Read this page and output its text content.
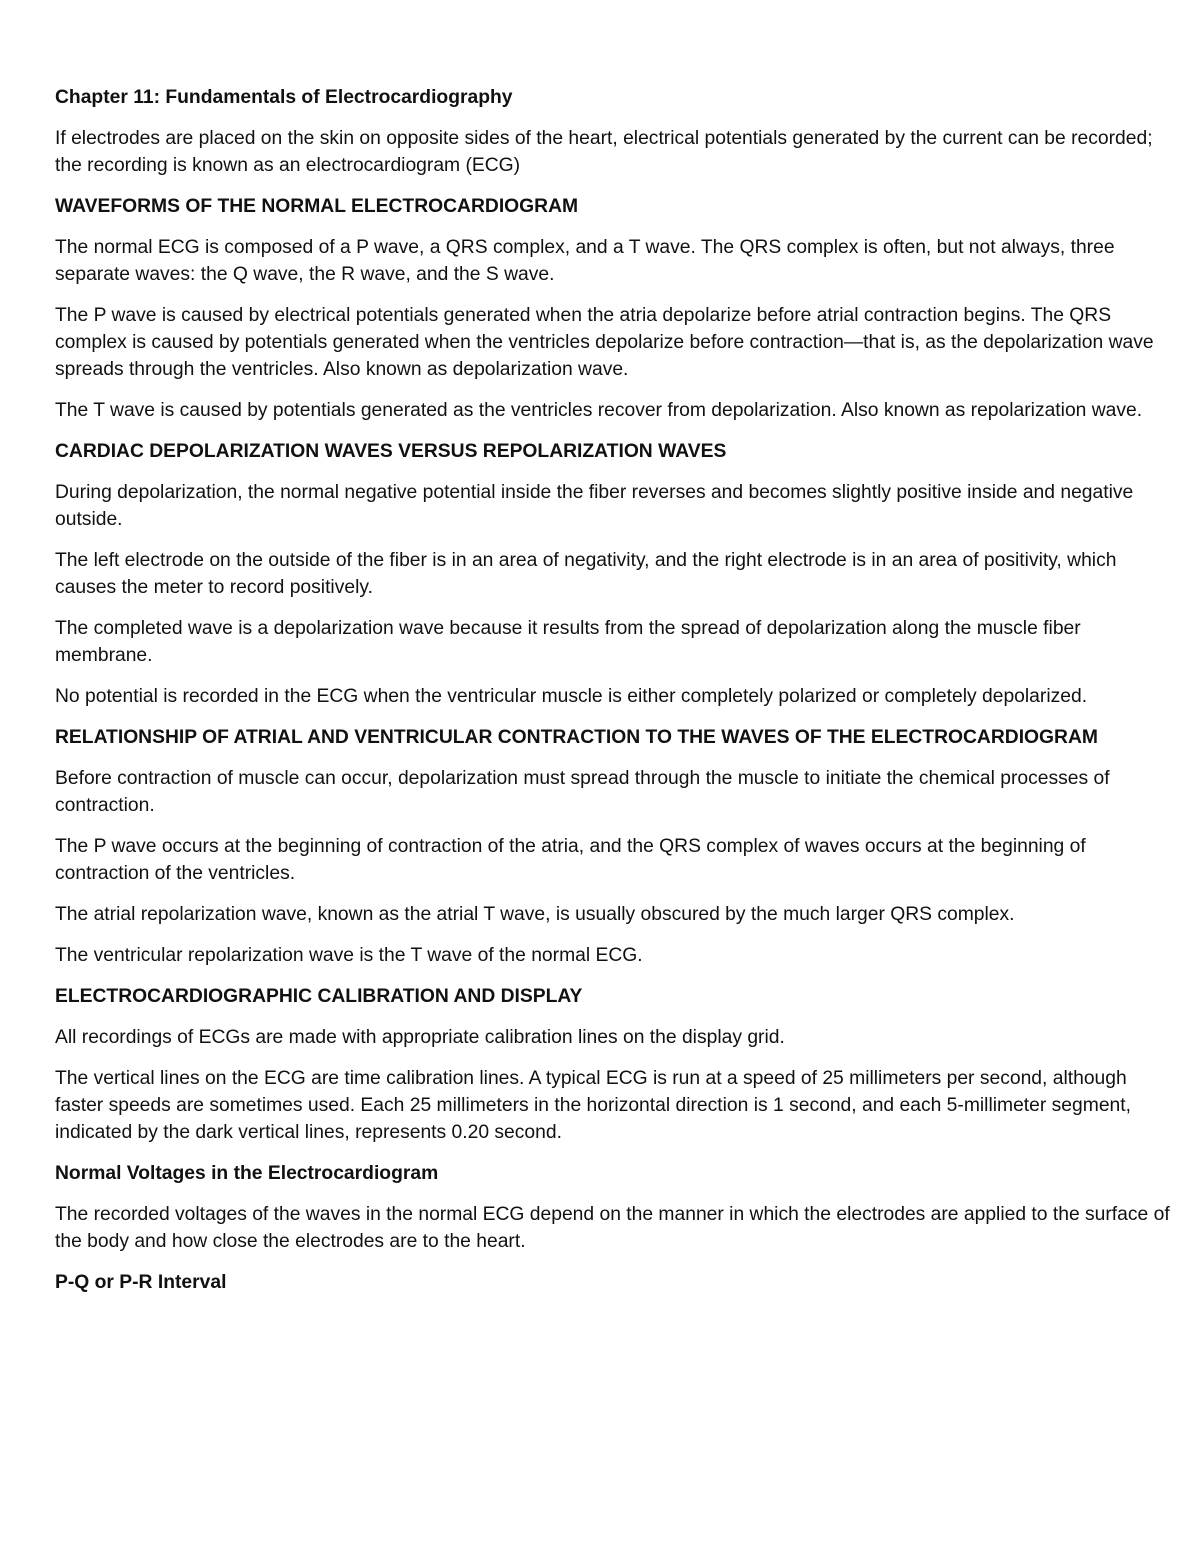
Chapter 11: Fundamentals of Electrocardiography
If electrodes are placed on the skin on opposite sides of the heart, electrical potentials generated by the current can be recorded; the recording is known as an electrocardiogram (ECG)
WAVEFORMS OF THE NORMAL ELECTROCARDIOGRAM
The normal ECG is composed of a P wave, a QRS complex, and a T wave. The QRS complex is often, but not always, three separate waves: the Q wave, the R wave, and the S wave.
The P wave is caused by electrical potentials generated when the atria depolarize before atrial contraction begins. The QRS complex is caused by potentials generated when the ventricles depolarize before contraction—that is, as the depolarization wave spreads through the ventricles. Also known as depolarization wave.
The T wave is caused by potentials generated as the ventricles recover from depolarization. Also known as repolarization wave.
CARDIAC DEPOLARIZATION WAVES VERSUS REPOLARIZATION WAVES
During depolarization, the normal negative potential inside the fiber reverses and becomes slightly positive inside and negative outside.
The left electrode on the outside of the fiber is in an area of negativity, and the right electrode is in an area of positivity, which causes the meter to record positively.
The completed wave is a depolarization wave because it results from the spread of depolarization along the muscle fiber membrane.
No potential is recorded in the ECG when the ventricular muscle is either completely polarized or completely depolarized.
RELATIONSHIP OF ATRIAL AND VENTRICULAR CONTRACTION TO THE WAVES OF THE ELECTROCARDIOGRAM
Before contraction of muscle can occur, depolarization must spread through the muscle to initiate the chemical processes of contraction.
The P wave occurs at the beginning of contraction of the atria, and the QRS complex of waves occurs at the beginning of contraction of the ventricles.
The atrial repolarization wave, known as the atrial T wave, is usually obscured by the much larger QRS complex.
The ventricular repolarization wave is the T wave of the normal ECG.
ELECTROCARDIOGRAPHIC CALIBRATION AND DISPLAY
All recordings of ECGs are made with appropriate calibration lines on the display grid.
The vertical lines on the ECG are time calibration lines. A typical ECG is run at a speed of 25 millimeters per second, although faster speeds are sometimes used. Each 25 millimeters in the horizontal direction is 1 second, and each 5-millimeter segment, indicated by the dark vertical lines, represents 0.20 second.
Normal Voltages in the Electrocardiogram
The recorded voltages of the waves in the normal ECG depend on the manner in which the electrodes are applied to the surface of the body and how close the electrodes are to the heart.
P-Q or P-R Interval
